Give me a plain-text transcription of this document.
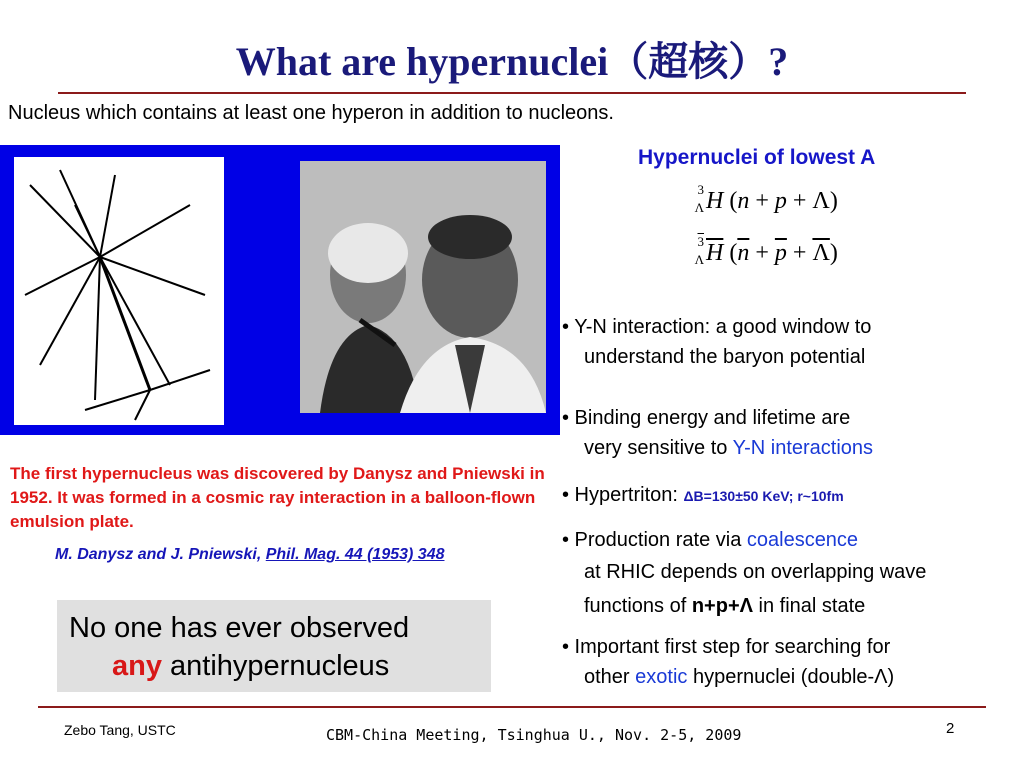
What are hypernuclei（超核）?
Nucleus which contains at least one hyperon in addition to nucleons.
Hypernuclei of lowest A
3
Λ H (n + p + Λ)
3
Λ $\overline{H}$ $(\overline{n} + \overline{p} + \overline{\Lambda})$
• Y-N interaction: a good window to
understand the baryon potential
• Binding energy and lifetime are
very sensitive to Y-N interactions
• Hypertriton: ΔB=130±50 KeV; r~10fm
• Production rate via coalescence
at RHIC depends on overlapping wave
functions of n+p+Λ in final state
• Important first step for searching for
other exotic hypernuclei (double-Λ)
The first hypernucleus was discovered by Danysz and Pniewski in 1952. It was formed in a cosmic ray interaction in a balloon-flown emulsion plate.
M. Danysz and J. Pniewski, Phil. Mag. 44 (1953) 348
No one has ever observed
any antihypernucleus
Zebo Tang, USTC	CBM-China Meeting, Tsinghua U., Nov. 2-5, 2009	2
